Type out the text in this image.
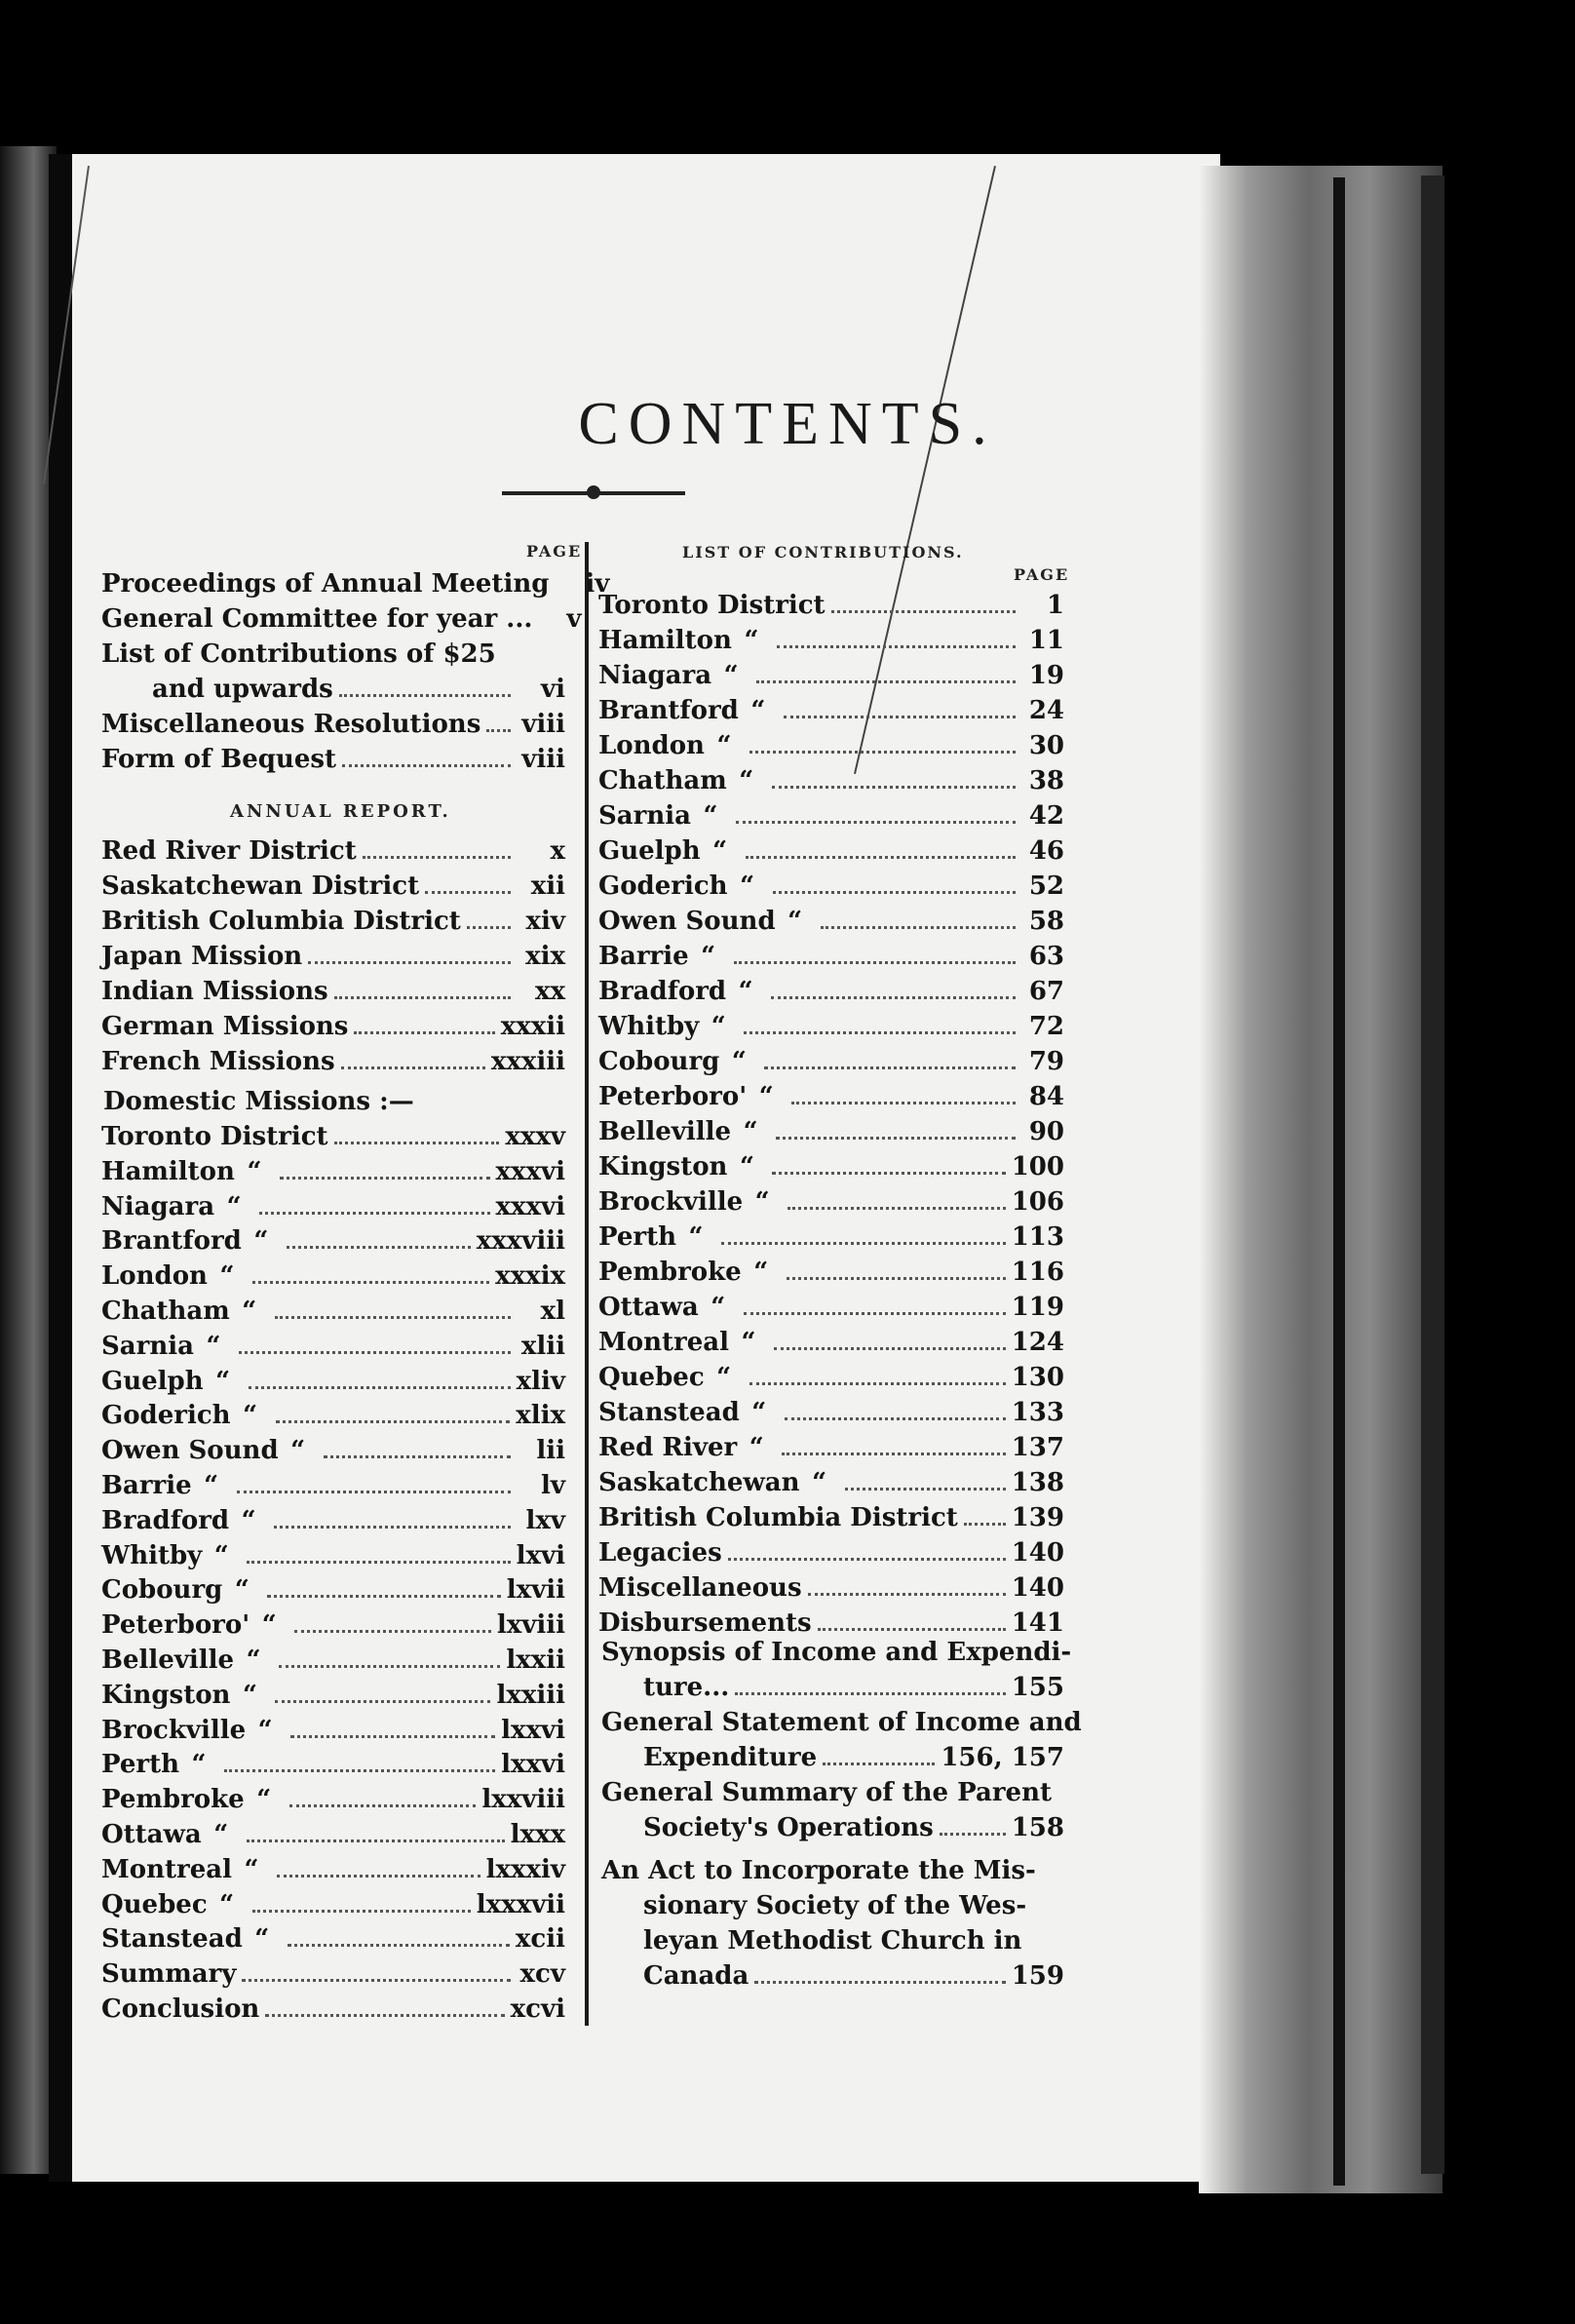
CONTENTS.
PAGE
Proceedings of Annual Meeting	iv
General Committee for year ...	v
List of Contributions of $25
and upwards	vi
Miscellaneous Resolutions viii
Form of Bequest	viii
ANNUAL REPORT.
Red River District	x
Saskatchewan District	xii
British Columbia District	xiv
Japan Mission	xix
Indian Missions	xx
German Missions	xxxii
French Missions	xxxiii
Domestic Missions :—
Toronto District	xxxv
Hamilton “	xxxvi
Niagara “	xxxvi
Brantford “	xxxviii
London “	xxxix
Chatham “	xl
Sarnia “	xlii
Guelph “	xliv
Goderich “	xlix
Owen Sound “	lii
Barrie “	lv
Bradford “	lxv
Whitby “	lxvi
Cobourg “	lxvii
Peterboro' “	lxviii
Belleville “	lxxii
Kingston “	lxxiii
Brockville “	lxxvi
Perth “	lxxvi
Pembroke “	lxxviii
Ottawa “	lxxx
Montreal “	lxxxiv
Quebec “	lxxxvii
Stanstead “	xcii
Summary	xcv
Conclusion	xcvi
LIST OF CONTRIBUTIONS.
PAGE
Toronto District	1
Hamilton “	11
Niagara “	19
Brantford “	24
London “	30
Chatham “	38
Sarnia “	42
Guelph “	46
Goderich “	52
Owen Sound “	58
Barrie “	63
Bradford “	67
Whitby “	72
Cobourg “	79
Peterboro' “	84
Belleville “	90
Kingston “	100
Brockville “	106
Perth “	113
Pembroke “	116
Ottawa “	119
Montreal “	124
Quebec “	130
Stanstead “	133
Red River “	137
Saskatchewan “	138
British Columbia District 139
Legacies	140
Miscellaneous	140
Disbursements	141
Synopsis of Income and Expendi-
ture...	155
General Statement of Income and
Expenditure	156, 157
General Summary of the Parent
Society's Operations	158
An Act to Incorporate the Mis-
sionary Society of the Wes-
leyan Methodist Church in
Canada	159
